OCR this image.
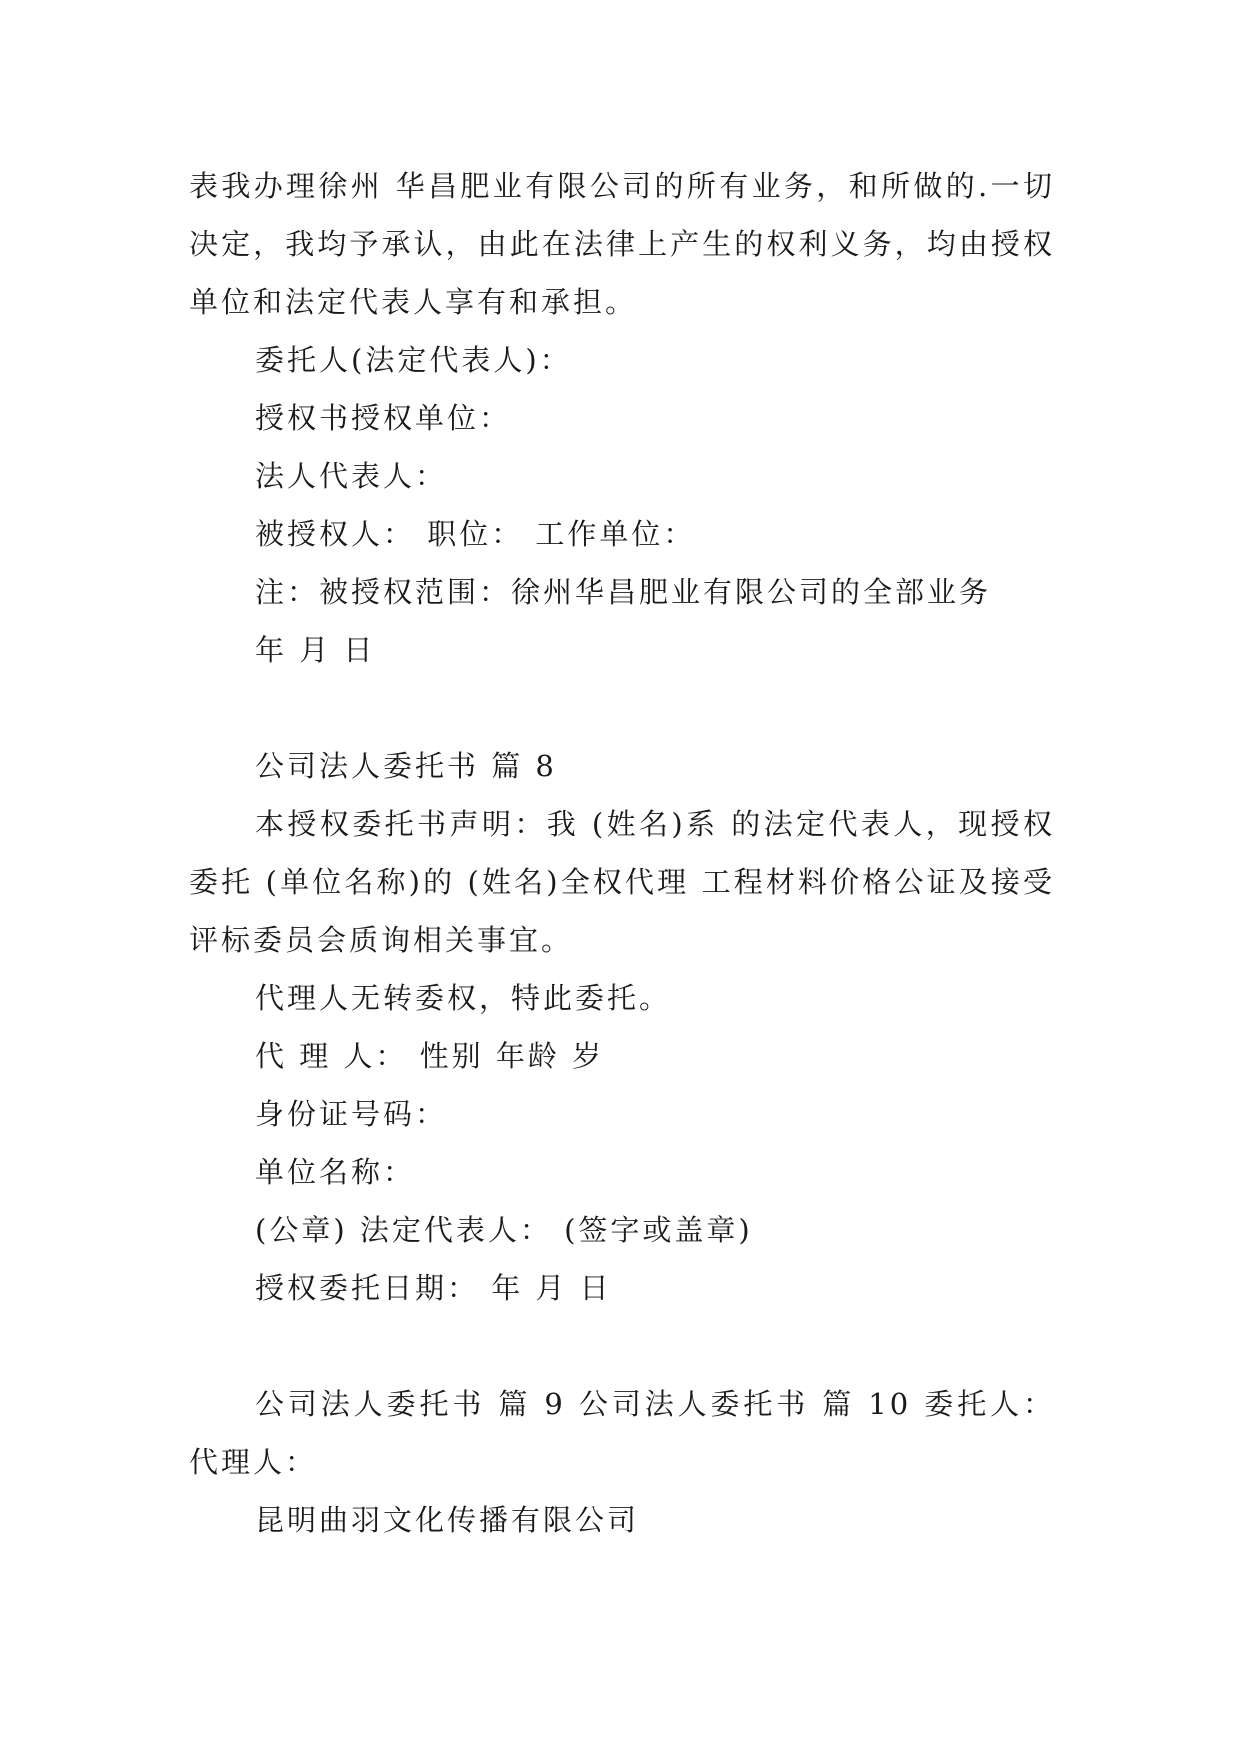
表我办理徐州 华昌肥业有限公司的所有业务，和所做的.一切决定，我均予承认，由此在法律上产生的权利义务，均由授权单位和法定代表人享有和承担。

委托人(法定代表人)：

授权书授权单位：

法人代表人：

被授权人： 职位： 工作单位：

注：被授权范围：徐州华昌肥业有限公司的全部业务

年 月 日

公司法人委托书 篇 8

本授权委托书声明：我 (姓名)系 的法定代表人，现授权委托 (单位名称)的 (姓名)全权代理 工程材料价格公证及接受评标委员会质询相关事宜。

代理人无转委权，特此委托。

代 理 人： 性别 年龄 岁

身份证号码：

单位名称：

(公章) 法定代表人： (签字或盖章)

授权委托日期： 年 月 日

公司法人委托书 篇 9 公司法人委托书 篇 10 委托人： 代理人：

昆明曲羽文化传播有限公司
